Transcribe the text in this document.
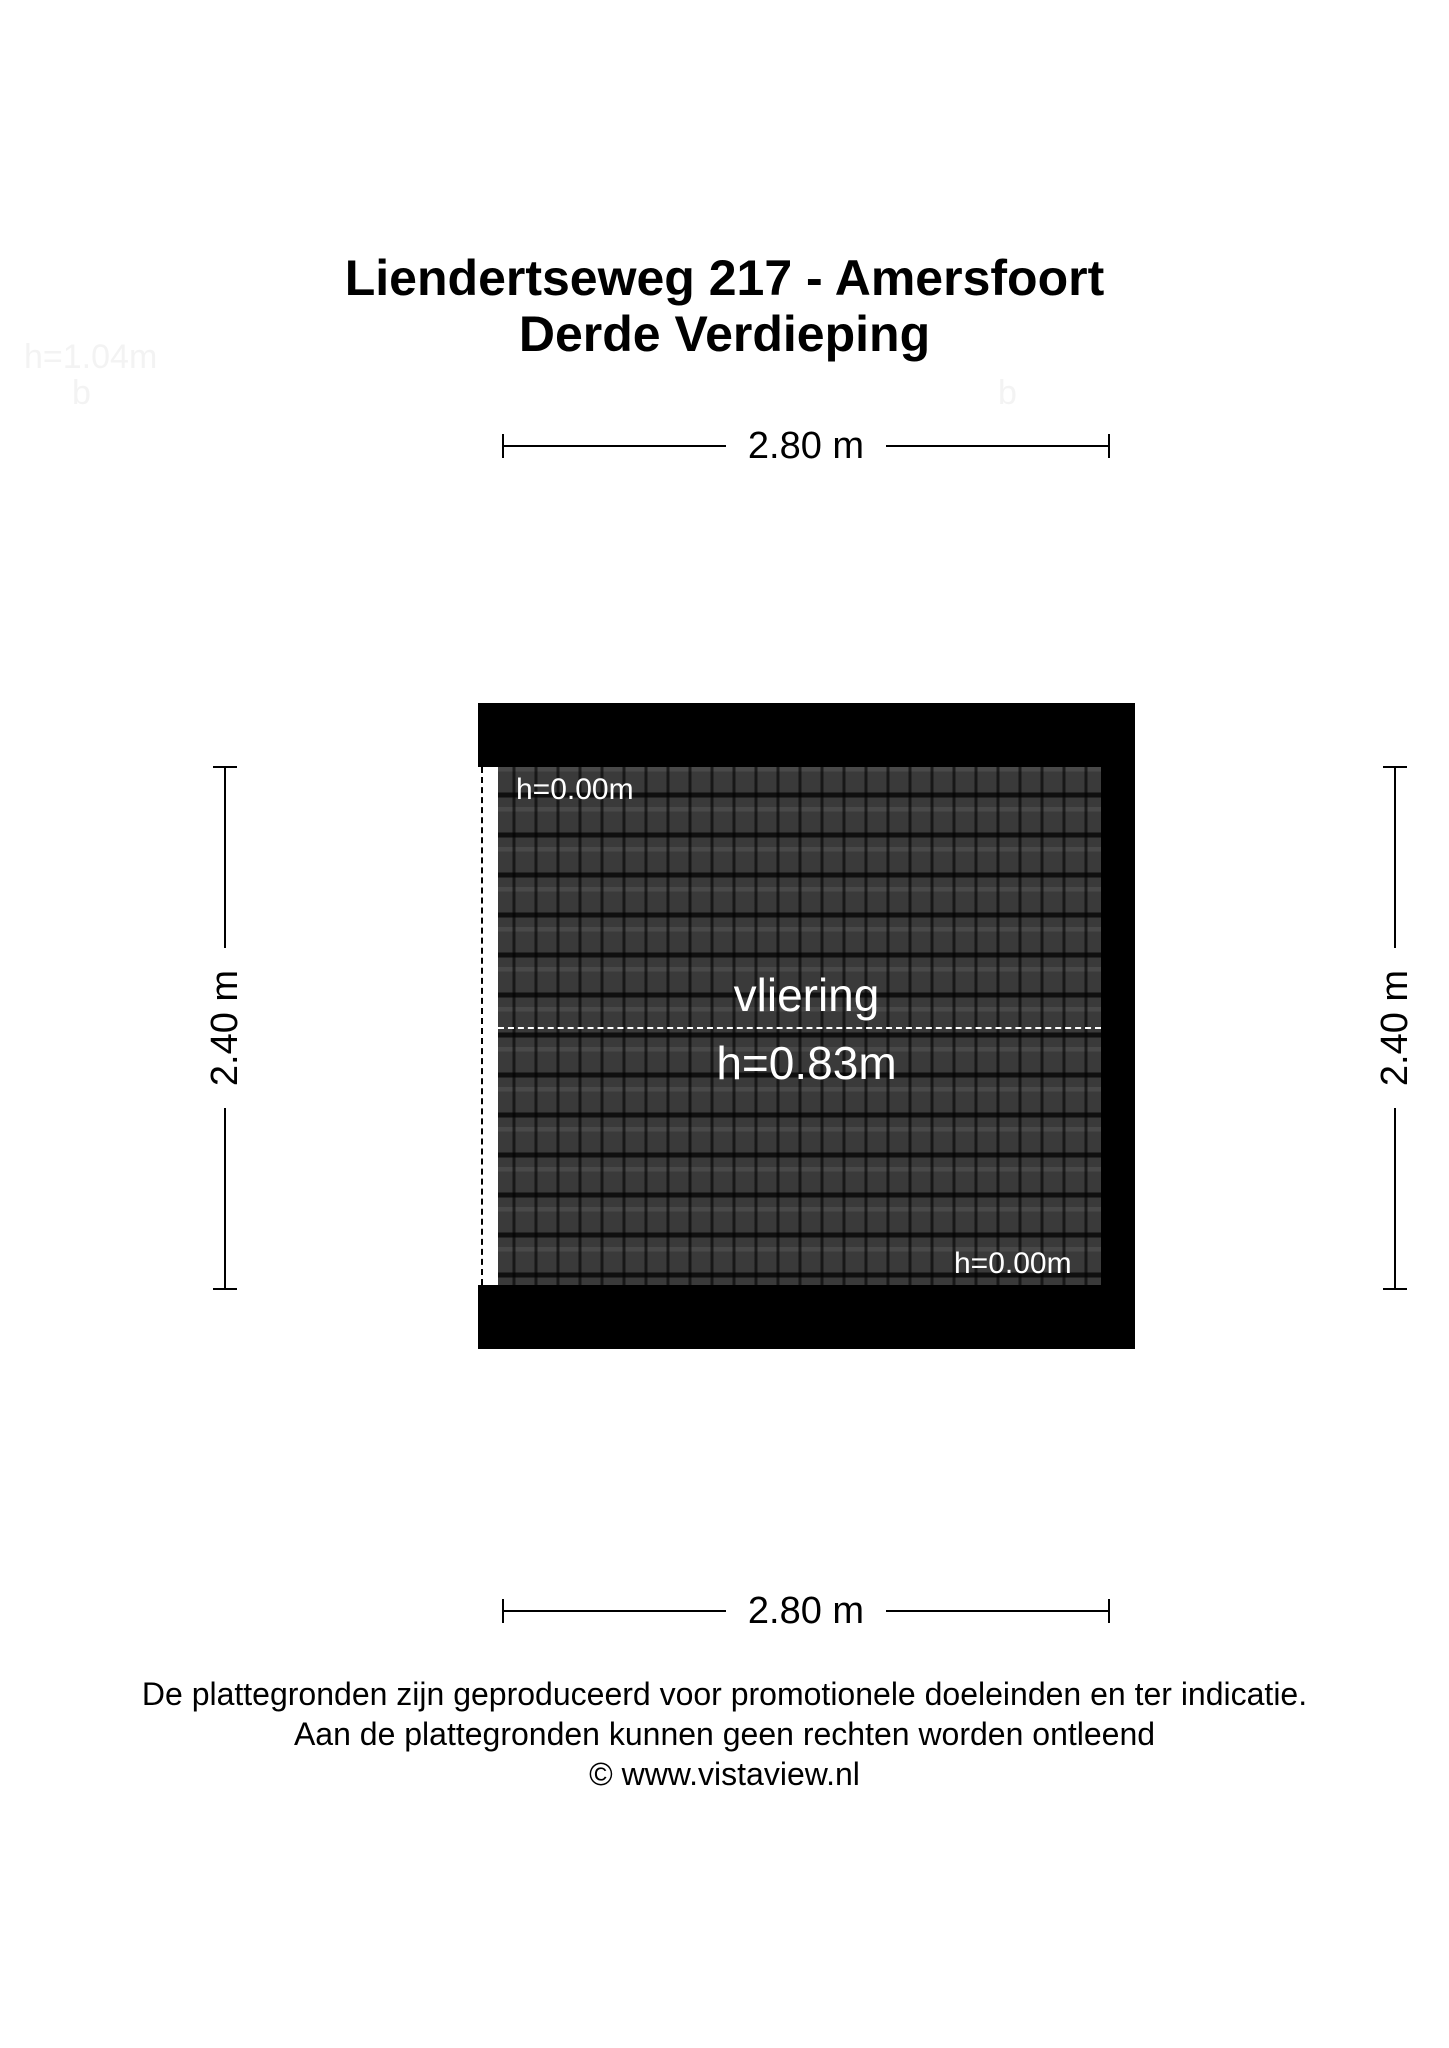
Liendertseweg 217 - Amersfoort
Derde Verdieping
h=1.04m
b	b
2.80 m
2.40 m	2.40 m
h=0.00m
vliering
h=0.83m
h=0.00m
2.80 m
De plattegronden zijn geproduceerd voor promotionele doeleinden en ter indicatie.
Aan de plattegronden kunnen geen rechten worden ontleend
© www.vistaview.nl
